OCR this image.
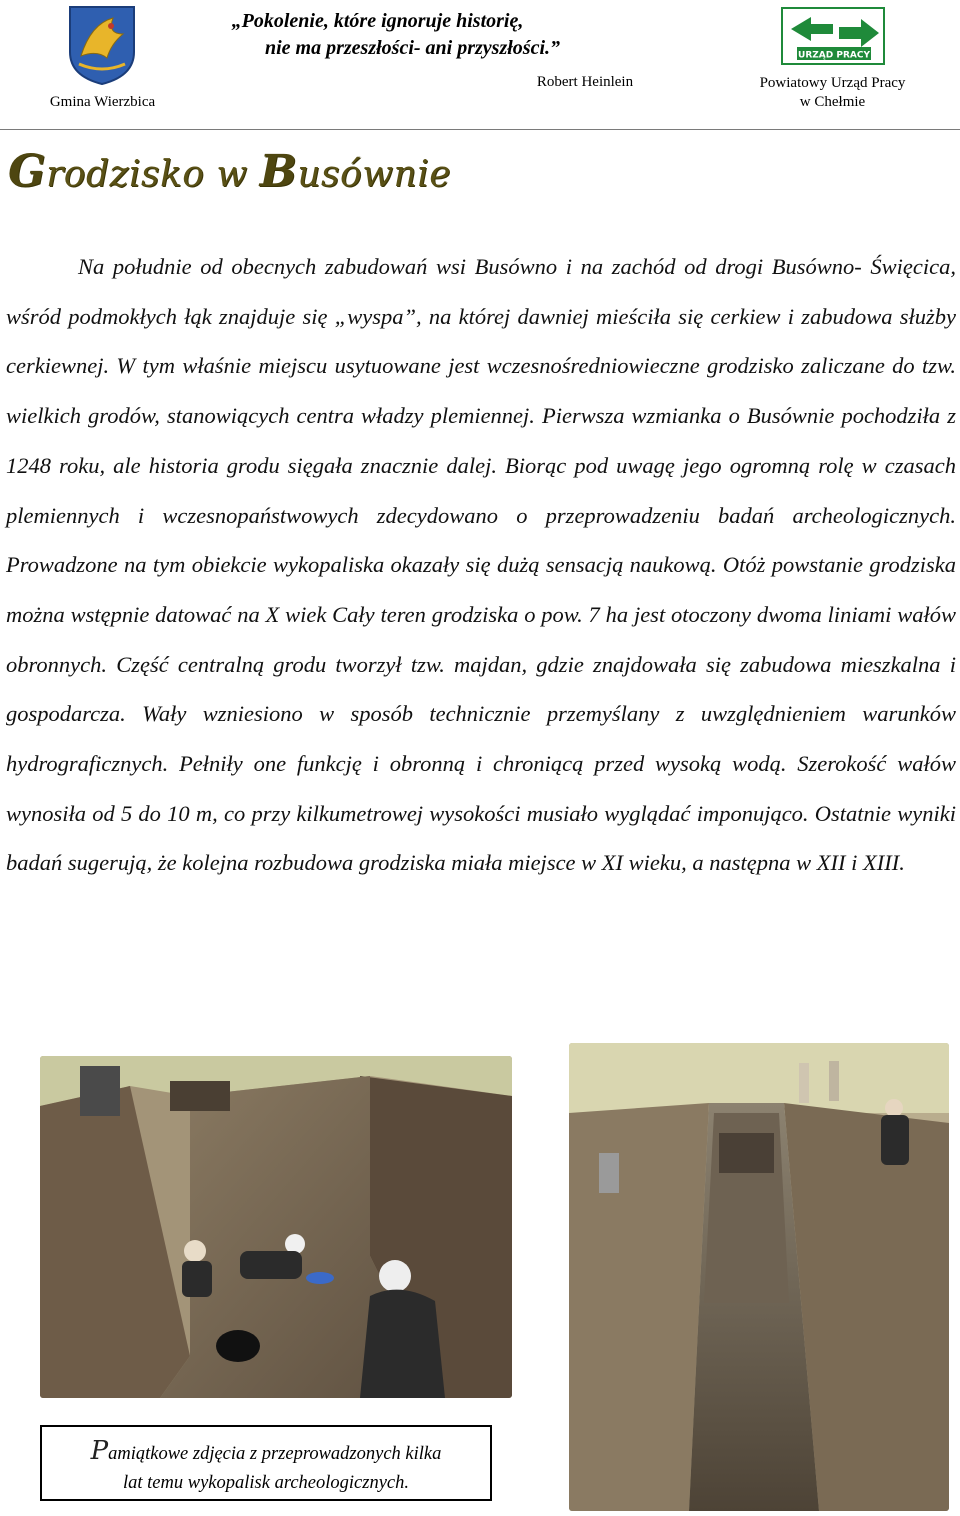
Gmina Wierzbica
„Pokolenie, które ignoruje historię,
nie ma przeszłości- ani przyszłości.”
Robert Heinlein
URZĄD PRACY
Powiatowy Urząd Pracy
w Chełmie
Grodzisko w Busównie

Na południe od obecnych zabudowań wsi Busówno i na zachód od drogi Busówno- Święcica, wśród podmokłych łąk znajduje się „wyspa”, na której dawniej mieściła się cerkiew i zabudowa służby cerkiewnej. W tym właśnie miejscu usytuowane jest wczesnośredniowieczne grodzisko zaliczane do tzw. wielkich grodów, stanowiących centra władzy plemiennej. Pierwsza wzmianka o Busównie pochodziła z 1248 roku, ale historia grodu sięgała znacznie dalej. Biorąc pod uwagę jego ogromną rolę w czasach plemiennych i wczesnopaństwowych zdecydowano o przeprowadzeniu badań archeologicznych. Prowadzone na tym obiekcie wykopaliska okazały się dużą sensacją naukową. Otóż powstanie grodziska można wstępnie datować na X wiek Cały teren grodziska o pow. 7 ha jest otoczony dwoma liniami wałów obronnych. Część centralną grodu tworzył tzw. majdan, gdzie znajdowała się zabudowa mieszkalna i gospodarcza. Wały wzniesiono w sposób technicznie przemyślany z uwzględnieniem warunków hydrograficznych. Pełniły one funkcję i obronną i chroniącą przed wysoką wodą. Szerokość wałów wynosiła od 5 do 10 m, co przy kilkumetrowej wysokości musiało wyglądać imponująco. Ostatnie wyniki badań sugerują, że kolejna rozbudowa grodziska miała miejsce w XI wieku, a następna w XII i XIII.

Pamiątkowe zdjęcia z przeprowadzonych kilka
lat temu wykopalisk archeologicznych.
